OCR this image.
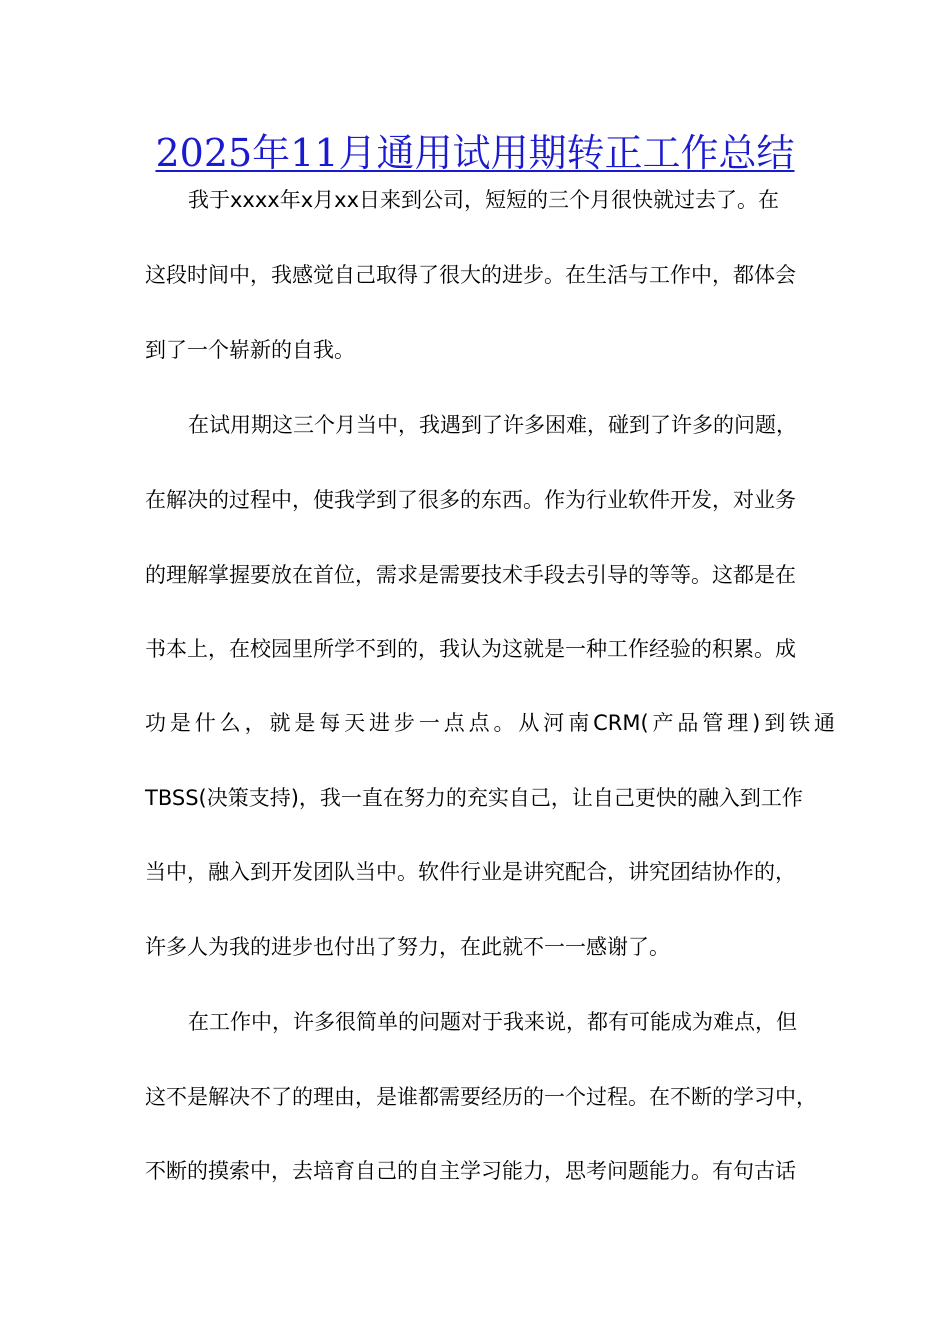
2025年11月通用试用期转正工作总结
我于xxxx年x月xx日来到公司，短短的三个月很快就过去了。在
这段时间中，我感觉自己取得了很大的进步。在生活与工作中，都体会
到了一个崭新的自我。
在试用期这三个月当中，我遇到了许多困难，碰到了许多的问题，
在解决的过程中，使我学到了很多的东西。作为行业软件开发，对业务
的理解掌握要放在首位，需求是需要技术手段去引导的等等。这都是在
书本上，在校园里所学不到的，我认为这就是一种工作经验的积累。成
功是什么，就是每天进步一点点。从河南CRM(产品管理)到铁通
TBSS(决策支持)，我一直在努力的充实自己，让自己更快的融入到工作
当中，融入到开发团队当中。软件行业是讲究配合，讲究团结协作的，
许多人为我的进步也付出了努力，在此就不一一感谢了。
在工作中，许多很简单的问题对于我来说，都有可能成为难点，但
这不是解决不了的理由，是谁都需要经历的一个过程。在不断的学习中，
不断的摸索中，去培育自己的自主学习能力，思考问题能力。有句古话
